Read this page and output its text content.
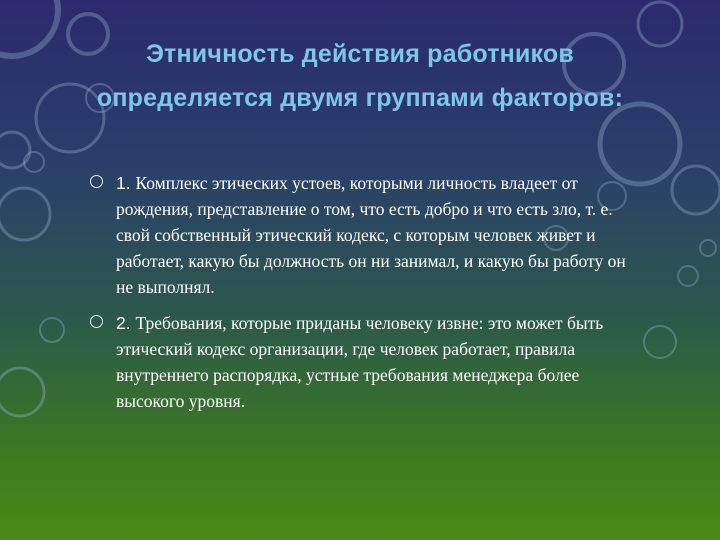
Этничность действия работников
определяется двумя группами факторов:
1. Комплекс этических устоев, которыми личность владеет от рождения, представление о том, что есть добро и что есть зло, т. е. свой собственный этический кодекс, с которым человек живет и работает, какую бы должность он ни занимал, и какую бы работу он не выполнял.
2. Требования, которые приданы человеку извне: это может быть этический кодекс организации, где человек работает, правила внутреннего распорядка, устные требования менеджера более высокого уровня.
